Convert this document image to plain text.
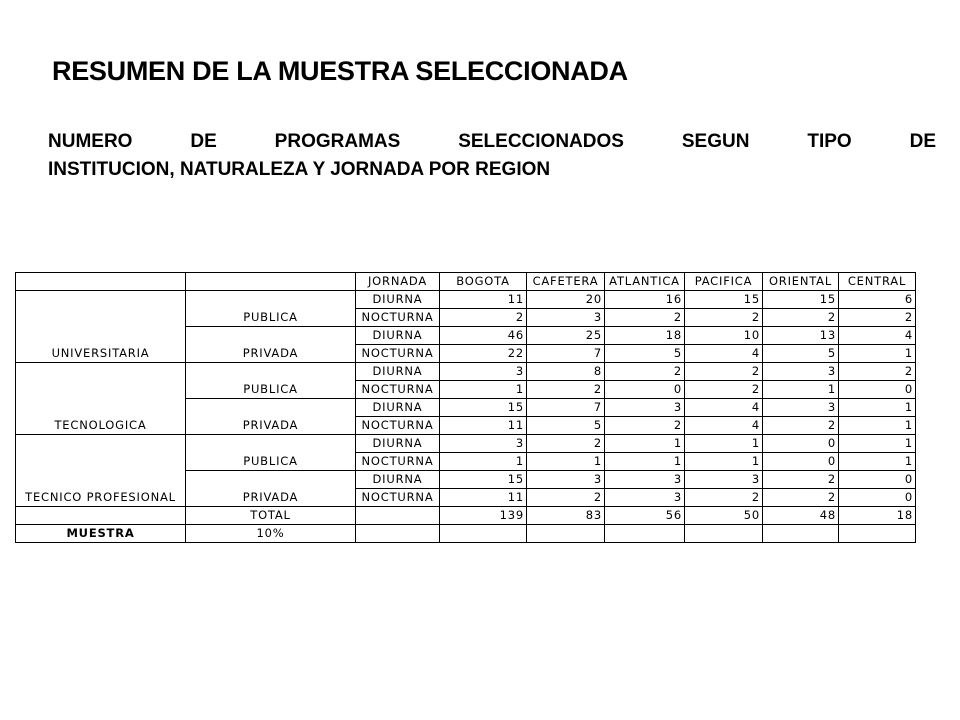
RESUMEN DE LA MUESTRA SELECCIONADA
NUMERO	DE	PROGRAMAS	SELECCIONADOS	SEGUN	TIPO	DE
INSTITUCION, NATURALEZA Y JORNADA POR REGION
		JORNADA	BOGOTA	CAFETERA	ATLANTICA	PACIFICA	ORIENTAL	CENTRAL
UNIVERSITARIA	PUBLICA	DIURNA	11	20	16	15	15	6
		NOCTURNA	2	3	2	2	2	2
	PRIVADA	DIURNA	46	25	18	10	13	4
		NOCTURNA	22	7	5	4	5	1
TECNOLOGICA	PUBLICA	DIURNA	3	8	2	2	3	2
		NOCTURNA	1	2	0	2	1	0
	PRIVADA	DIURNA	15	7	3	4	3	1
		NOCTURNA	11	5	2	4	2	1
TECNICO PROFESIONAL	PUBLICA	DIURNA	3	2	1	1	0	1
		NOCTURNA	1	1	1	1	0	1
	PRIVADA	DIURNA	15	3	3	3	2	0
		NOCTURNA	11	2	3	2	2	0
	TOTAL		139	83	56	50	48	18
MUESTRA	10%							
